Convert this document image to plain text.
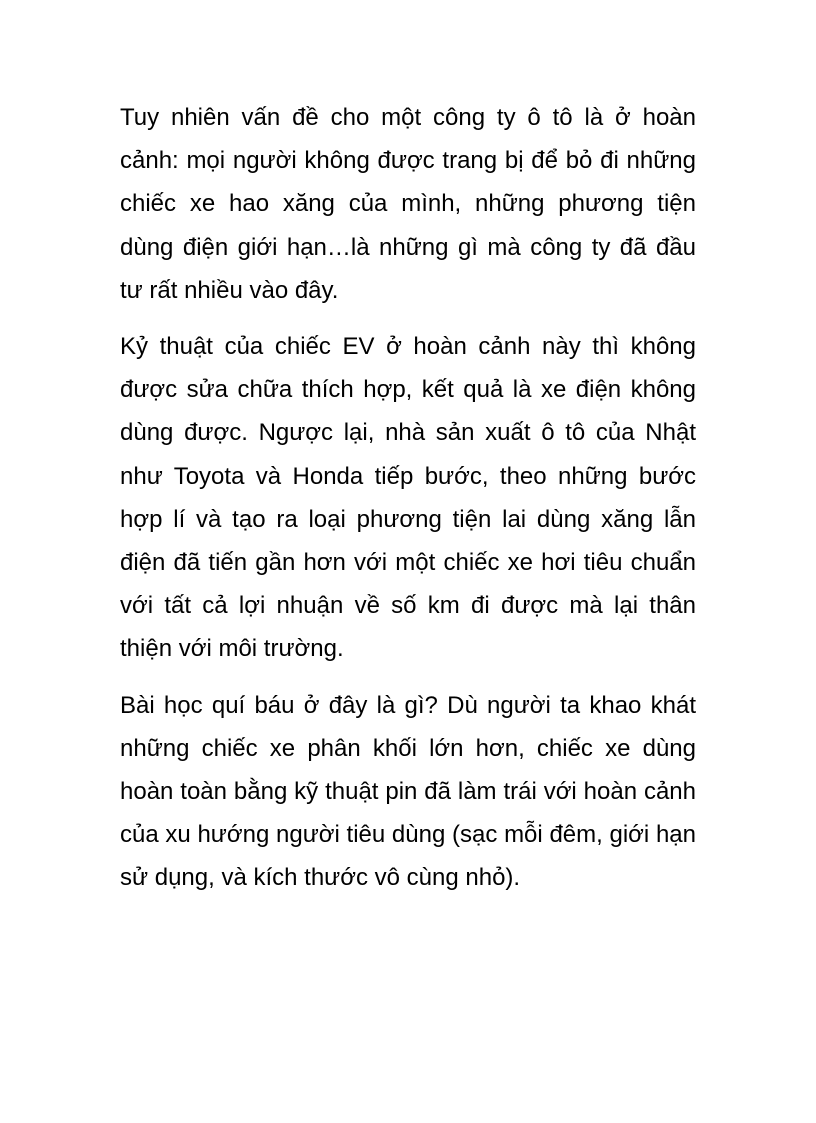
Tuy nhiên vấn đề cho một công ty ô tô là ở hoàn cảnh: mọi người không được trang bị để bỏ đi những chiếc xe hao xăng của mình, những phương tiện dùng điện giới hạn…là những gì mà công ty đã đầu tư rất nhiều vào đây.

Kỷ thuật của chiếc EV ở hoàn cảnh này thì không được sửa chữa thích hợp, kết quả là xe điện không dùng được. Ngược lại, nhà sản xuất ô tô của Nhật như Toyota và Honda tiếp bước, theo những bước hợp lí và tạo ra loại phương tiện lai dùng xăng lẫn điện đã tiến gần hơn với một chiếc xe hơi tiêu chuẩn với tất cả lợi nhuận về số km đi được mà lại thân thiện với môi trường.

Bài học quí báu ở đây là gì? Dù người ta khao khát những chiếc xe phân khối lớn hơn, chiếc xe dùng hoàn toàn bằng kỹ thuật pin đã làm trái với hoàn cảnh của xu hướng người tiêu dùng (sạc mỗi đêm, giới hạn sử dụng, và kích thước vô cùng nhỏ).
